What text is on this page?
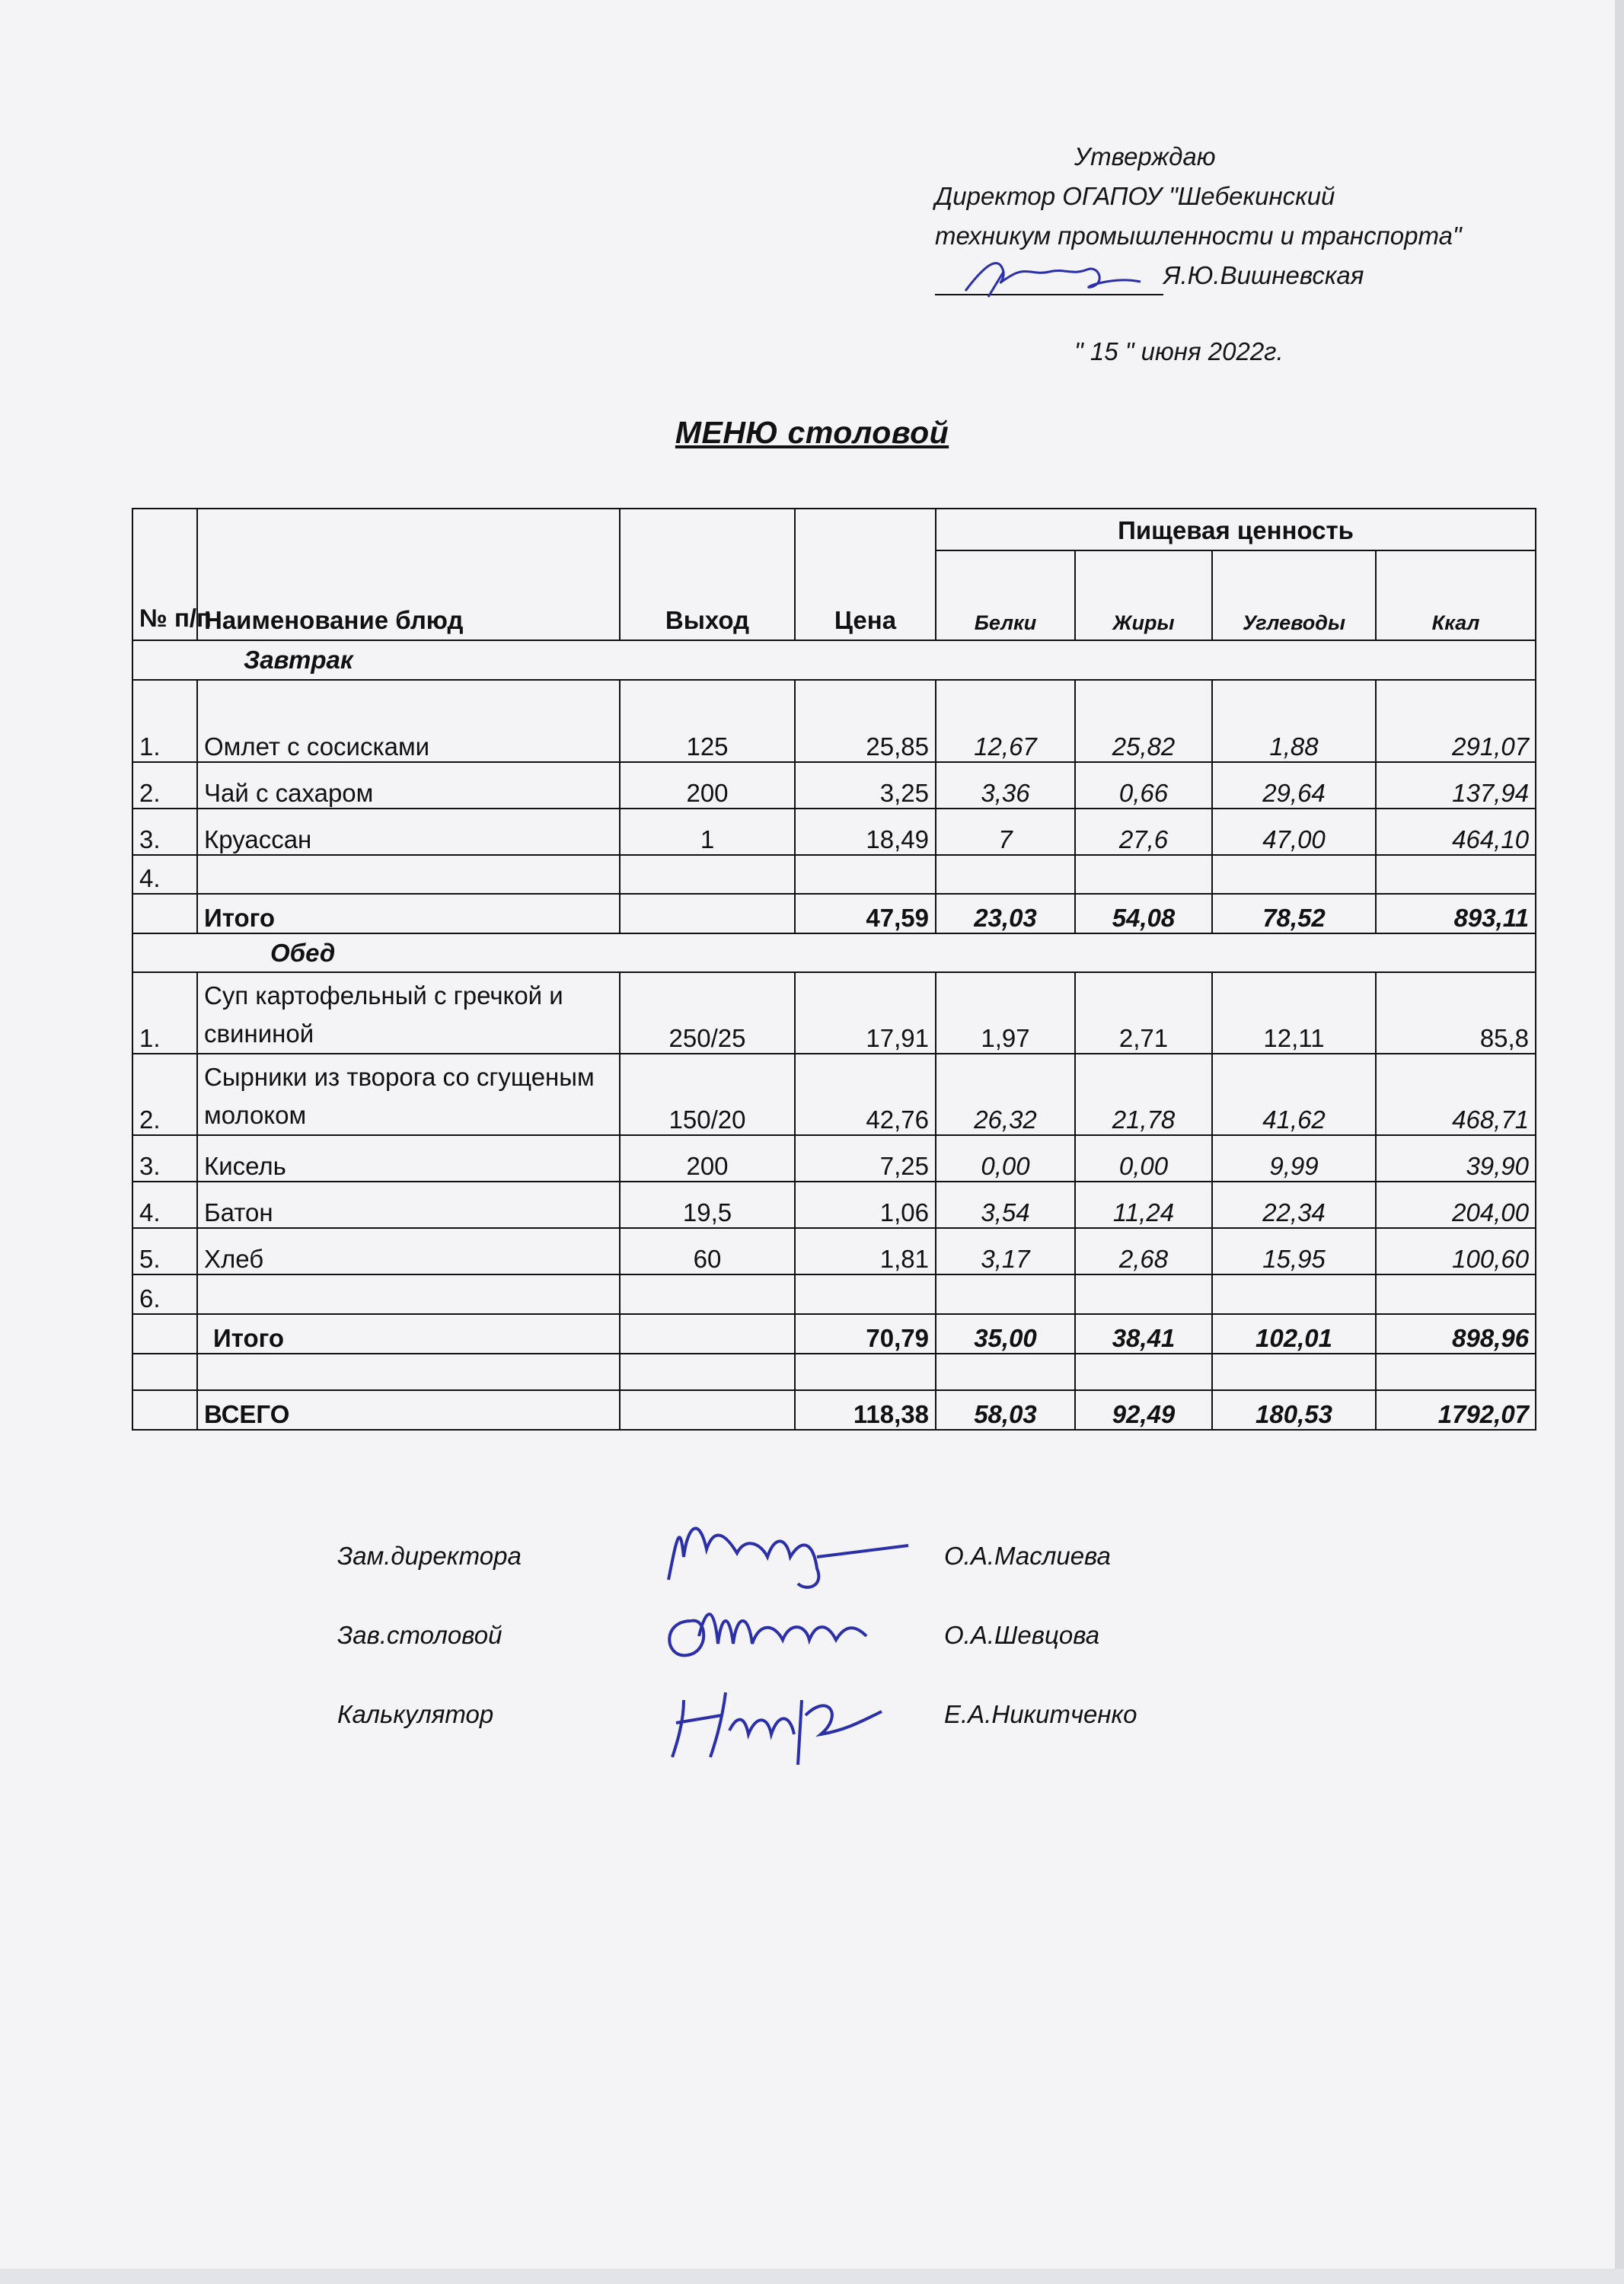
Утверждаю
Директор ОГАПОУ "Шебекинский
техникум промышленности и транспорта"
Я.Ю.Вишневская
" 15 " июня 2022г.
МЕНЮ столовой
№ п/п	Наименование блюд	Выход	Цена	Пищевая ценность			
				Белки	Жиры	Углеводы	Ккал
Завтрак							
1.	Омлет с сосисками	125	25,85	12,67	25,82	1,88	291,07
2.	Чай с сахаром	200	3,25	3,36	0,66	29,64	137,94
3.	Круассан	1	18,49	7	27,6	47,00	464,10
4.							
	Итого		47,59	23,03	54,08	78,52	893,11
Обед							
1.	Суп картофельный с гречкой и свининой	250/25	17,91	1,97	2,71	12,11	85,8
2.	Сырники из творога со сгущеным молоком	150/20	42,76	26,32	21,78	41,62	468,71
3.	Кисель	200	7,25	0,00	0,00	9,99	39,90
4.	Батон	19,5	1,06	3,54	11,24	22,34	204,00
5.	Хлеб	60	1,81	3,17	2,68	15,95	100,60
6.							
	Итого		70,79	35,00	38,41	102,01	898,96

	ВСЕГО		118,38	58,03	92,49	180,53	1792,07
Зам.директора	О.А.Маслиева
Зав.столовой	О.А.Шевцова
Калькулятор	Е.А.Никитченко
